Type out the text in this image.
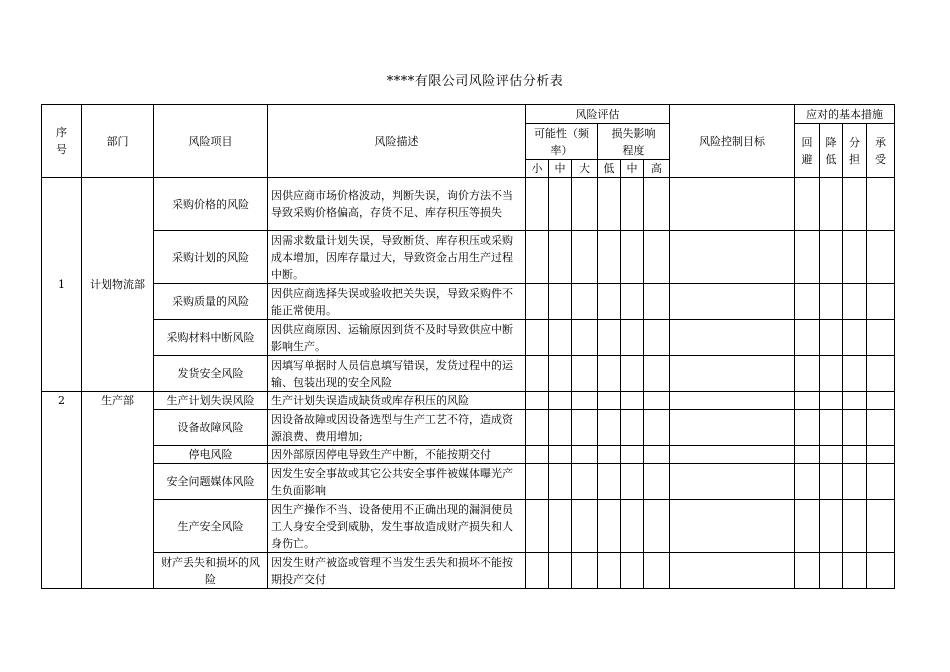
****有限公司风险评估分析表
序号	部门	风险项目	风险描述	风险评估						风险控制目标	应对的基本措施			

				可能性（频率）			损失影响程度				回避	降低	分担	承受

				小	中	大	低	中	高					
1	计划物流部	采购价格的风险	因供应商市场价格波动，判断失误，询价方法不当导致采购价格偏高，存货不足、库存积压等损失											
		采购计划的风险	因需求数量计划失误，导致断货、库存积压或采购成本增加，因库存量过大，导致资金占用生产过程中断。											
		采购质量的风险	因供应商选择失误或验收把关失误，导致采购件不能正常使用。											
		采购材料中断风险	因供应商原因、运输原因到货不及时导致供应中断影响生产。											
		发货安全风险	因填写单据时人员信息填写错误，发货过程中的运输、包装出现的安全风险											
2	生产部	生产计划失误风险	生产计划失误造成缺货或库存积压的风险											
		设备故障风险	因设备故障或因设备选型与生产工艺不符，造成资源浪费、费用增加;											
		停电风险	因外部原因停电导致生产中断，不能按期交付											
		安全问题媒体风险	因发生安全事故或其它公共安全事件被媒体曝光产生负面影响											
		生产安全风险	因生产操作不当、设备使用不正确出现的漏洞使员工人身安全受到威胁，发生事故造成财产损失和人身伤亡。											

		财产丢失和损坏的风险	因发生财产被盗或管理不当发生丢失和损坏不能按期投产交付											
